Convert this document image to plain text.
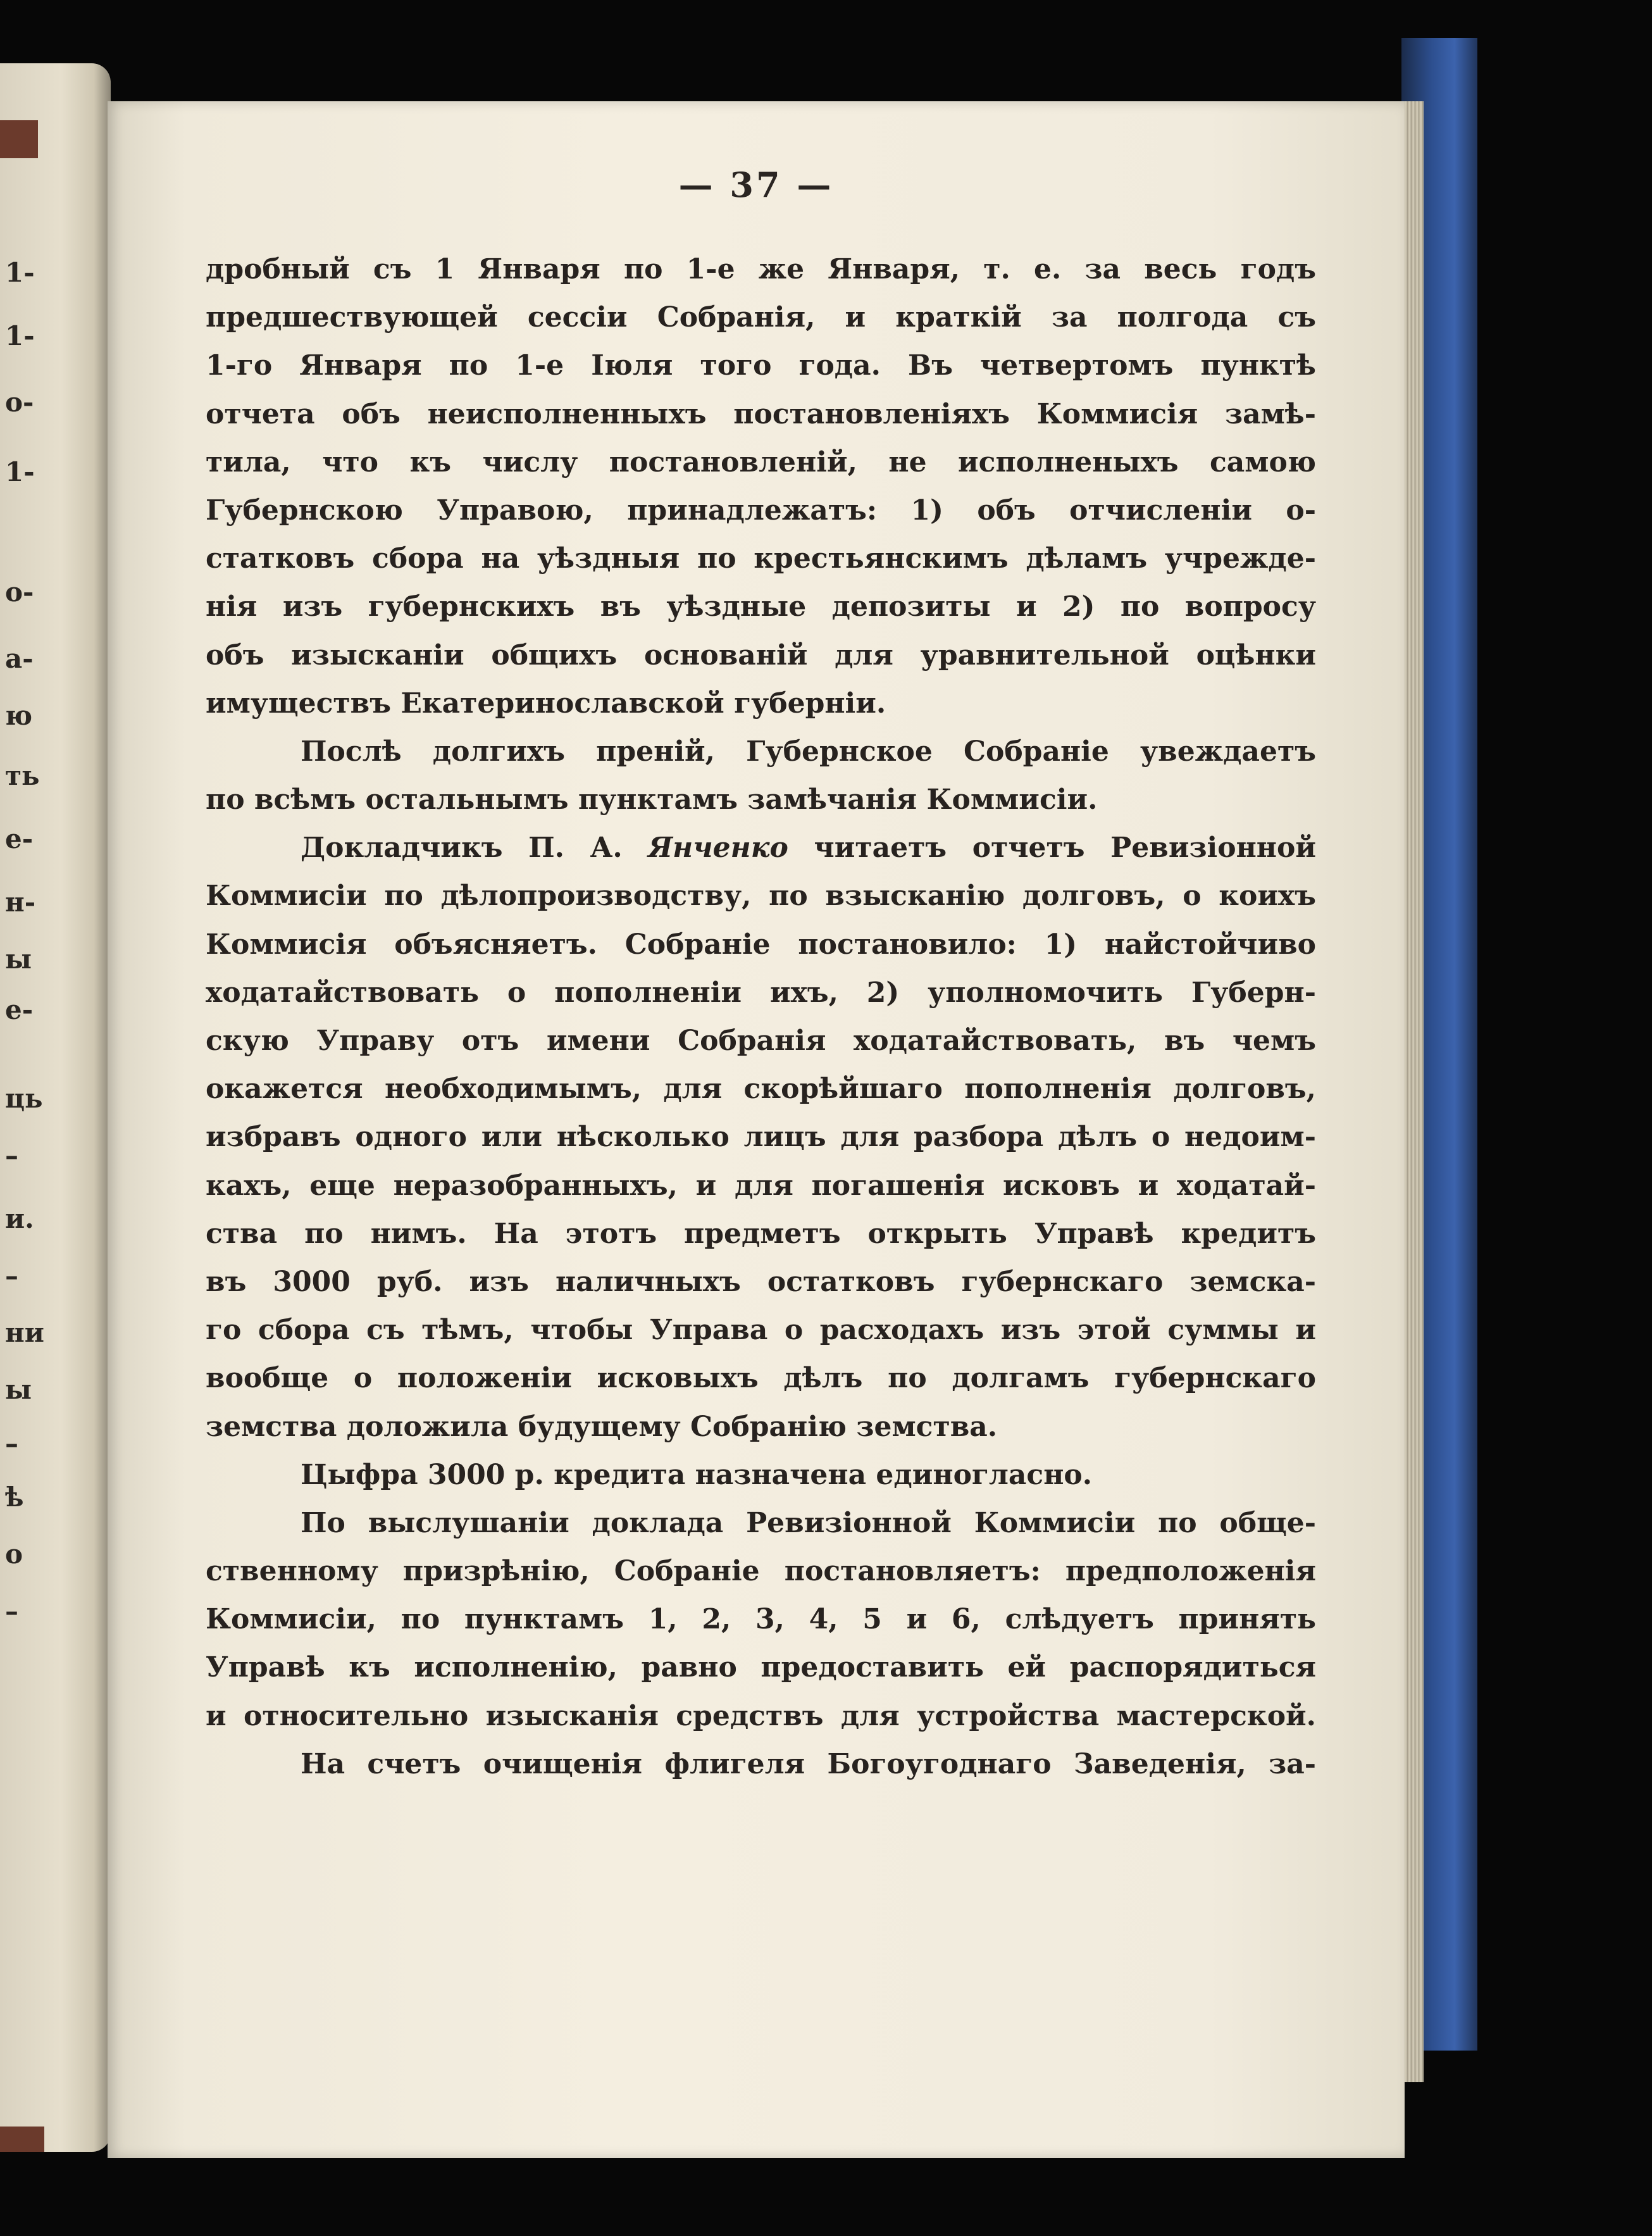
1-
1-
o-
1-
o-
a-
ю
ть
e-
н-
ы
e-
ць
–
и.
–
ни
ы
–
ѣ
o
–
— 37 —
дробный съ 1 Января по 1-е же Января, т. е. за весь годъ
предшествующей сессіи Собранія, и краткій за полгода съ
1-го Января по 1-е Іюля того года. Въ четвертомъ пунктѣ
отчета объ неисполненныхъ постановленіяхъ Коммисія замѣ-
тила, что къ числу постановленій, не исполненыхъ самою
Губернскою Управою, принадлежатъ: 1) объ отчисленіи о-
статковъ сбора на уѣздныя по крестьянскимъ дѣламъ учрежде-
нія изъ губернскихъ въ уѣздные депозиты и 2) по вопросу
объ изысканіи общихъ основаній для уравнительной оцѣнки
имуществъ Екатеринославской губерніи.
Послѣ долгихъ преній, Губернское Собраніе увеждаетъ
по всѣмъ остальнымъ пунктамъ замѣчанія Коммисіи.
Докладчикъ П. А. Янченко читаетъ отчетъ Ревизіонной
Коммисіи по дѣлопроизводству, по взысканію долговъ, о коихъ
Коммисія объясняетъ. Собраніе постановило: 1) найстойчиво
ходатайствовать о пополненіи ихъ, 2) уполномочить Губерн-
скую Управу отъ имени Собранія ходатайствовать, въ чемъ
окажется необходимымъ, для скорѣйшаго пополненія долговъ,
избравъ одного или нѣсколько лицъ для разбора дѣлъ о недоим-
кахъ, еще неразобранныхъ, и для погашенія исковъ и ходатай-
ства по нимъ. На этотъ предметъ открыть Управѣ кредитъ
въ 3000 руб. изъ наличныхъ остатковъ губернскаго земска-
го сбора съ тѣмъ, чтобы Управа о расходахъ изъ этой суммы и
вообще о положеніи исковыхъ дѣлъ по долгамъ губернскаго
земства доложила будущему Собранію земства.
Цыфра 3000 р. кредита назначена единогласно.
По выслушаніи доклада Ревизіонной Коммисіи по обще-
ственному призрѣнію, Собраніе постановляетъ: предположенія
Коммисіи, по пунктамъ 1, 2, 3, 4, 5 и 6, слѣдуетъ принять
Управѣ къ исполненію, равно предоставить ей распорядиться
и относительно изысканія средствъ для устройства мастерской.
На счетъ очищенія флигеля Богоугоднаго Заведенія, за-
